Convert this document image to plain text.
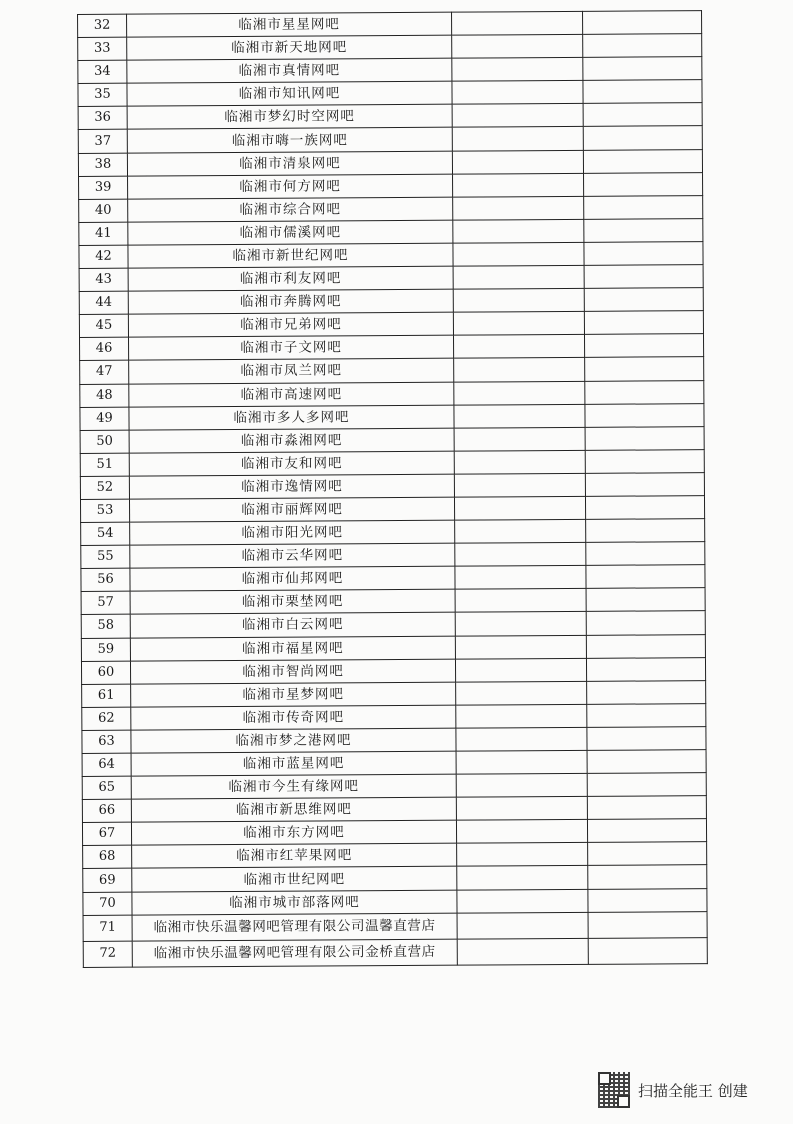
32	临湘市星星网吧		
33	临湘市新天地网吧		
34	临湘市真情网吧		
35	临湘市知讯网吧		
36	临湘市梦幻时空网吧		
37	临湘市嗨一族网吧		
38	临湘市清泉网吧		
39	临湘市何方网吧		
40	临湘市综合网吧		
41	临湘市儒溪网吧		
42	临湘市新世纪网吧		
43	临湘市利友网吧		
44	临湘市奔腾网吧		
45	临湘市兄弟网吧		
46	临湘市子文网吧		
47	临湘市凤兰网吧		
48	临湘市高速网吧		
49	临湘市多人多网吧		
50	临湘市淼湘网吧		
51	临湘市友和网吧		
52	临湘市逸情网吧		
53	临湘市丽辉网吧		
54	临湘市阳光网吧		
55	临湘市云华网吧		
56	临湘市仙邦网吧		
57	临湘市栗埜网吧		
58	临湘市白云网吧		
59	临湘市福星网吧		
60	临湘市智尚网吧		
61	临湘市星梦网吧		
62	临湘市传奇网吧		
63	临湘市梦之港网吧		
64	临湘市蓝星网吧		
65	临湘市今生有缘网吧		
66	临湘市新思维网吧		
67	临湘市东方网吧		
68	临湘市红苹果网吧		
69	临湘市世纪网吧		
70	临湘市城市部落网吧		
71	临湘市快乐温馨网吧管理有限公司温馨直营店		
72	临湘市快乐温馨网吧管理有限公司金桥直营店		
扫描全能王 创建
